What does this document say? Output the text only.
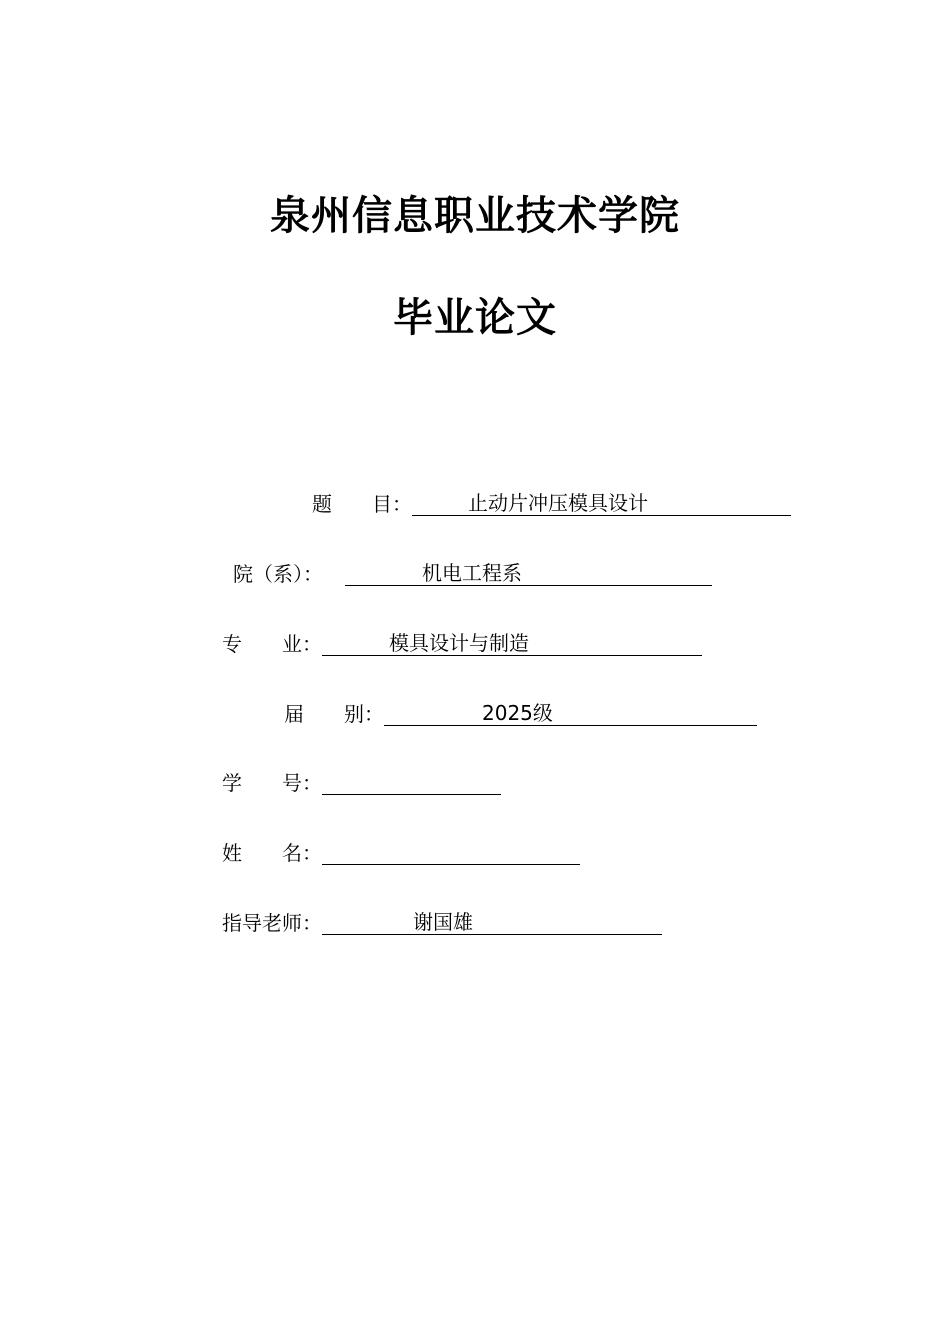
泉州信息职业技术学院
毕业论文
题　　目：	止动片冲压模具设计
院（系）：	机电工程系
专　　业：	模具设计与制造
届　　别：	2025级
学　　号：
姓　　名：
指导老师：	谢国雄
